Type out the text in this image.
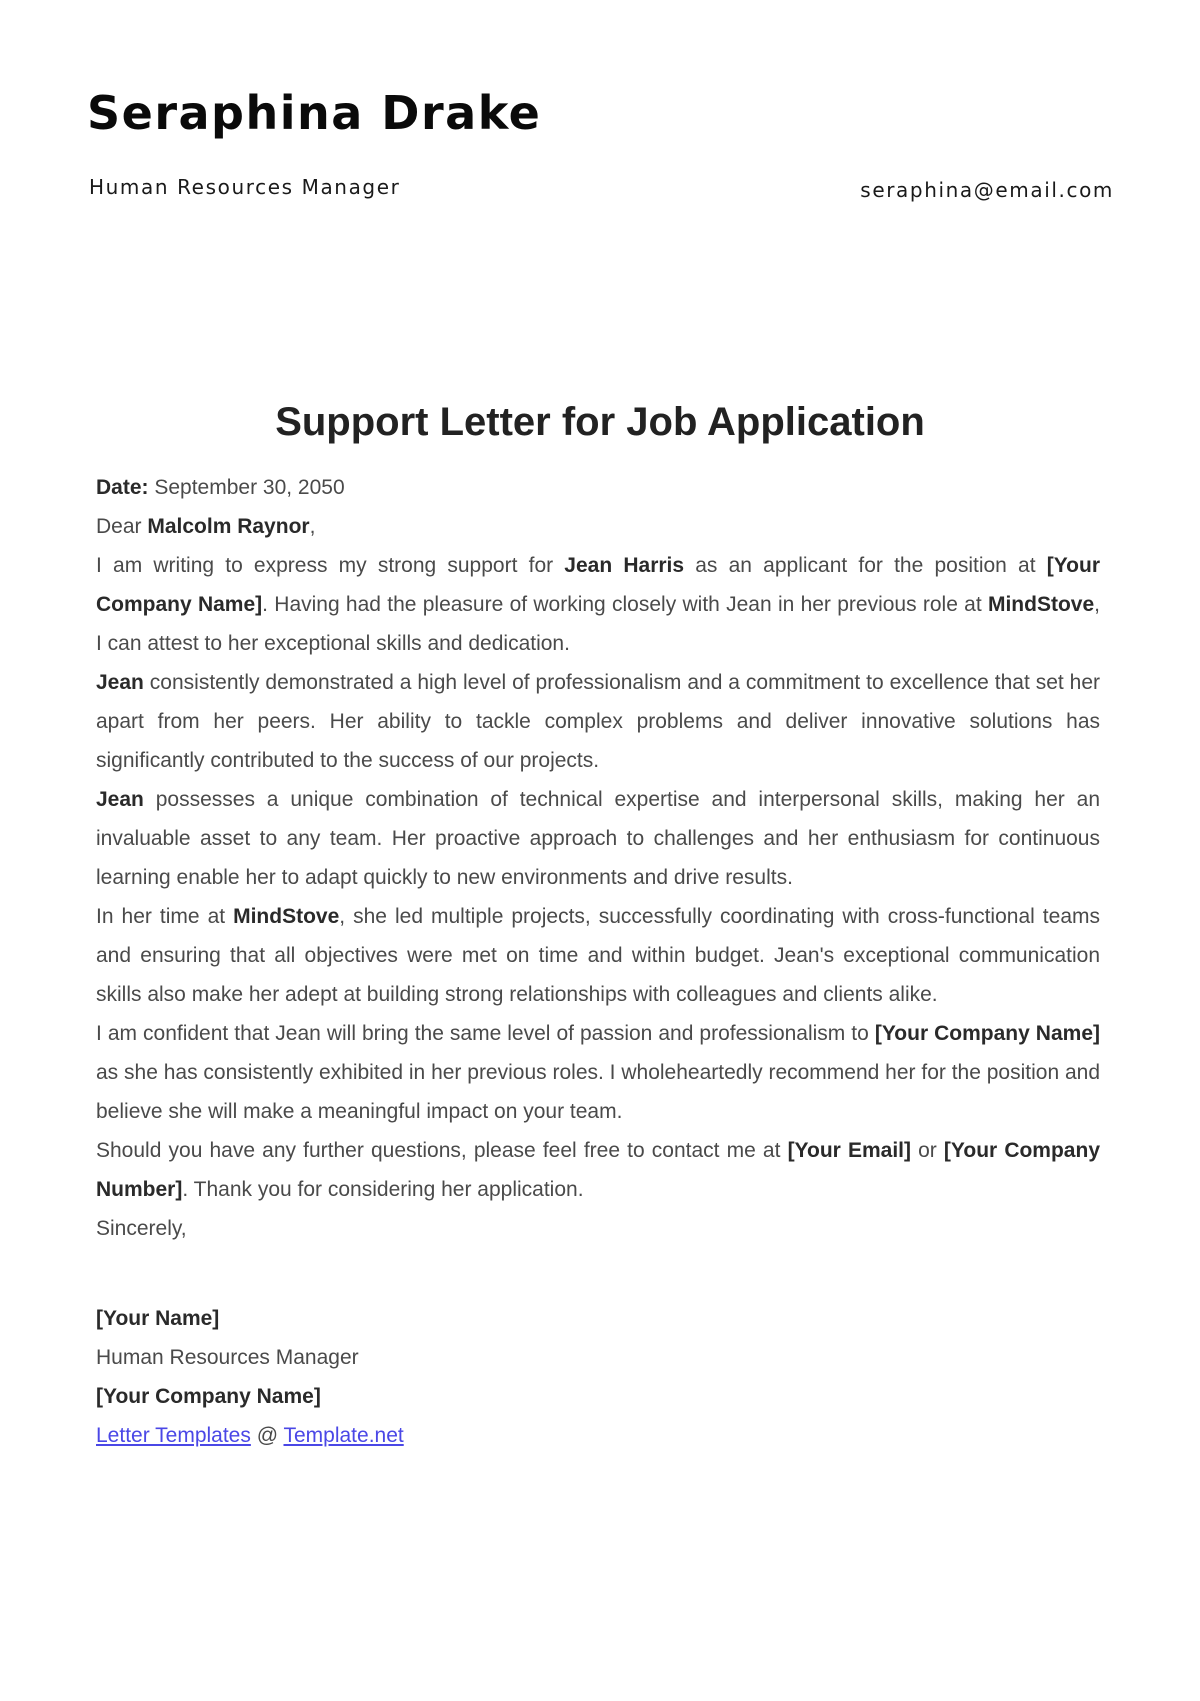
Seraphina Drake
Human Resources Manager	seraphina@email.com
Support Letter for Job Application

Date: September 30, 2050

Dear Malcolm Raynor,

I am writing to express my strong support for Jean Harris as an applicant for the position at [Your Company Name]. Having had the pleasure of working closely with Jean in her previous role at MindStove, I can attest to her exceptional skills and dedication.

Jean consistently demonstrated a high level of professionalism and a commitment to excellence that set her apart from her peers. Her ability to tackle complex problems and deliver innovative solutions has significantly contributed to the success of our projects.

Jean possesses a unique combination of technical expertise and interpersonal skills, making her an invaluable asset to any team. Her proactive approach to challenges and her enthusiasm for continuous learning enable her to adapt quickly to new environments and drive results.

In her time at MindStove, she led multiple projects, successfully coordinating with cross-functional teams and ensuring that all objectives were met on time and within budget. Jean's exceptional communication skills also make her adept at building strong relationships with colleagues and clients alike.

I am confident that Jean will bring the same level of passion and professionalism to [Your Company Name] as she has consistently exhibited in her previous roles. I wholeheartedly recommend her for the position and believe she will make a meaningful impact on your team.

Should you have any further questions, please feel free to contact me at [Your Email] or [Your Company Number]. Thank you for considering her application.

Sincerely,

[Your Name]

Human Resources Manager

[Your Company Name]

Letter Templates @ Template.net
